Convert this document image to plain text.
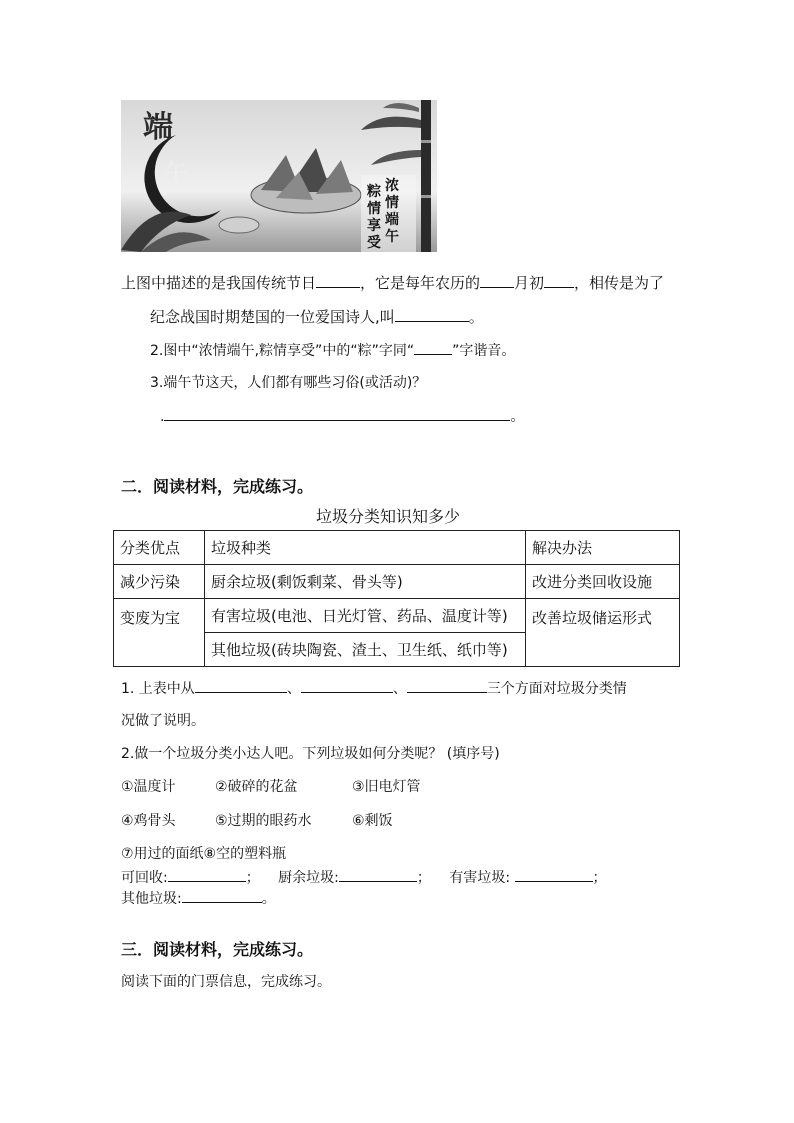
端
午	浓情端午
粽情享受
上图中描述的是我国传统节日	，它是每年农历的 月初 ，相传是为了
纪念战国时期楚国的一位爱国诗人,叫	。
2.图中“浓情端午,粽情享受”中的“粽”字同“	”字谐音。
3.端午节这天，人们都有哪些习俗(或活动)？
.	。
二．阅读材料，完成练习。
垃圾分类知识知多少
分类优点	垃圾种类	解决办法
减少污染	厨余垃圾(剩饭剩菜、骨头等)	改进分类回收设施
变废为宝	有害垃圾(电池、日光灯管、药品、温度计等)	改善垃圾储运形式
	其他垃圾(砖块陶瓷、渣土、卫生纸、纸巾等)	
1. 上表中从	、	、	三个方面对垃圾分类情
况做了说明。
2.做一个垃圾分类小达人吧。下列垃圾如何分类呢？ (填序号)
①温度计	②破碎的花盆	③旧电灯管
④鸡骨头	⑤过期的眼药水	⑥剩饭
⑦用过的面纸⑧空的塑料瓶
可回收:	； 厨余垃圾:	； 有害垃圾:	；
其他垃圾:	。
三．阅读材料，完成练习。
阅读下面的门票信息，完成练习。
